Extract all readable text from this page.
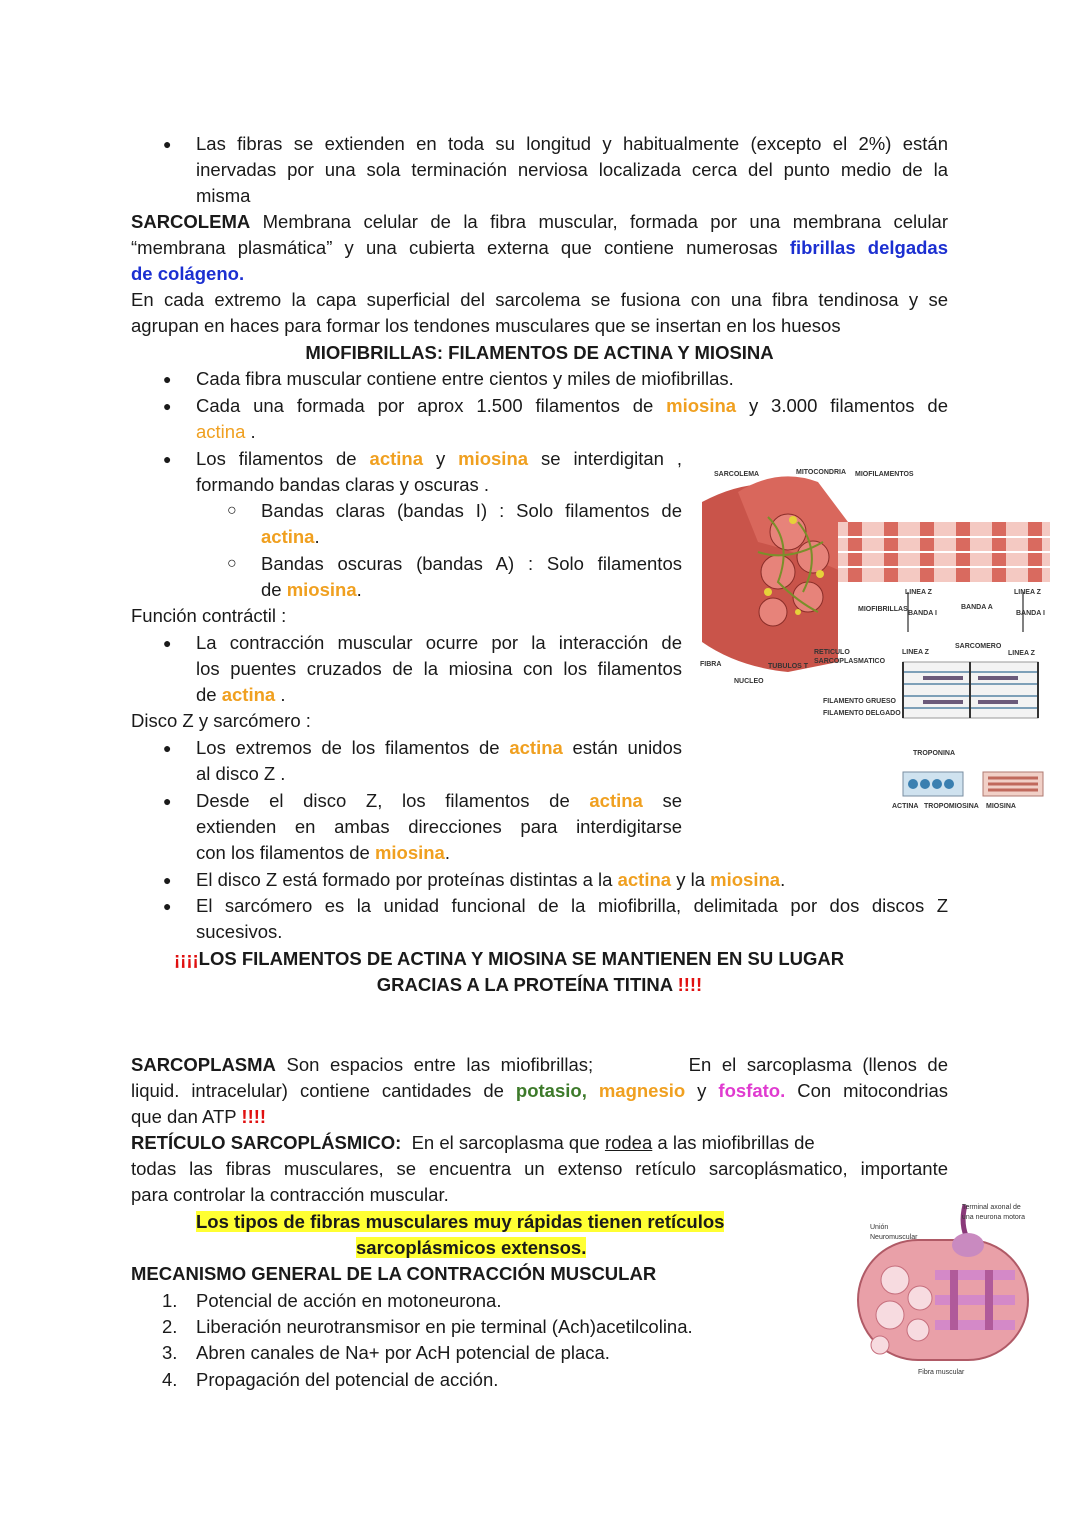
● Las fibras se extienden en toda su longitud y habitualmente (excepto el 2%) están
inervadas por una sola terminación nerviosa localizada cerca del punto medio de la
misma
SARCOLEMA Membrana celular de la fibra muscular, formada por una membrana celular
“membrana plasmática” y una cubierta externa que contiene numerosas fibrillas delgadas
de colágeno.
En cada extremo la capa superficial del sarcolema se fusiona con una fibra tendinosa y se
agrupan en haces para formar los tendones musculares que se insertan en los huesos
MIOFIBRILLAS: FILAMENTOS DE ACTINA Y MIOSINA
● Cada fibra muscular contiene entre cientos y miles de miofibrillas.
● Cada una formada por aprox 1.500 filamentos de miosina y 3.000 filamentos de
actina .
● Los filamentos de actina y miosina se interdigitan ,
formando bandas claras y oscuras .
○ Bandas claras (bandas I) : Solo filamentos de
actina.
○ Bandas oscuras (bandas A) : Solo filamentos
de miosina.
Función contráctil :
● La contracción muscular ocurre por la interacción de
los puentes cruzados de la miosina con los filamentos
de actina .
Disco Z y sarcómero :
● Los extremos de los filamentos de actina están unidos
al disco Z .
● Desde el disco Z, los filamentos de actina se
extienden en ambas direcciones para interdigitarse
con los filamentos de miosina.
● El disco Z está formado por proteínas distintas a la actina y la miosina.
● El sarcómero es la unidad funcional de la miofibrilla, delimitada por dos discos Z
sucesivos.
¡¡¡¡LOS FILAMENTOS DE ACTINA Y MIOSINA SE MANTIENEN EN SU LUGAR
GRACIAS A LA PROTEÍNA TITINA !!!!
SARCOPLASMA Son espacios entre las miofibrillas;	En el sarcoplasma (llenos de
liquid. intracelular) contiene cantidades de potasio, magnesio y fosfato. Con mitocondrias
que dan ATP !!!!
RETÍCULO SARCOPLÁSMICO: En el sarcoplasma que rodea a las miofibrillas de
todas las fibras musculares, se encuentra un extenso retículo sarcoplásmatico, importante
para controlar la contracción muscular.
Los tipos de fibras musculares muy rápidas tienen retículos
sarcoplásmicos extensos.
MECANISMO GENERAL DE LA CONTRACCIÓN MUSCULAR
1.	Potencial de acción en motoneurona.
2.	Liberación neurotransmisor en pie terminal (Ach)acetilcolina.
3.	Abren canales de Na+ por AcH potencial de placa.
4.	Propagación del potencial de acción.
SARCOLEMA	MITOCONDRIA MIOFILAMENTOS
LINEA Z	LINEA Z
BANDA A
BANDA I	BANDA I
MIOFIBRILLAS
SARCOMERO
LINEA Z	LINEA Z
FIBRA	TUBULOS T
RETICULO
SARCOPLASMATICO
NUCLEO
FILAMENTO GRUESO
FILAMENTO DELGADO
TROPONINA
ACTINA TROPOMIOSINA MIOSINA
Unión
Neuromuscular
Terminal axonal de
una neurona motora
Fibra muscular
